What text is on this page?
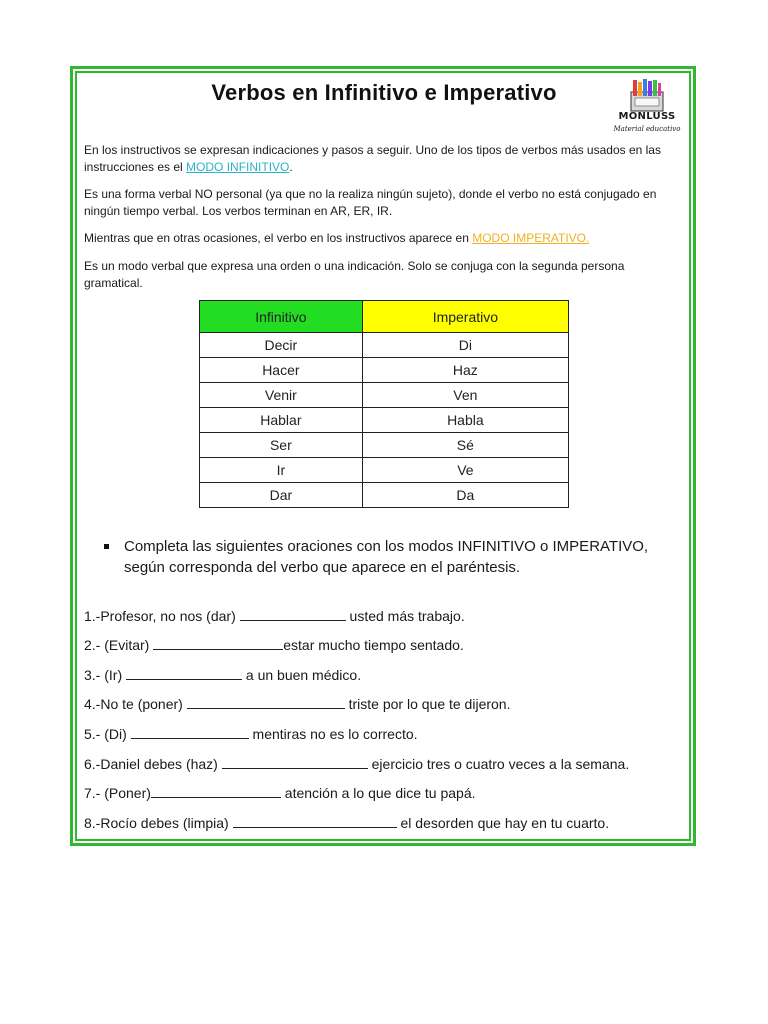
Verbos en Infinitivo e Imperativo
MONLUSS
Material educativo

En los instructivos se expresan indicaciones y pasos a seguir. Uno de los tipos de verbos más usados en las instrucciones es el MODO INFINITIVO.

Es una forma verbal NO personal (ya que no la realiza ningún sujeto), donde el verbo no está conjugado en ningún tiempo verbal. Los verbos terminan en AR, ER, IR.

Mientras que en otras ocasiones, el verbo en los instructivos aparece en MODO IMPERATIVO.

Es un modo verbal que expresa una orden o una indicación. Solo se conjuga con la segunda persona gramatical.

Infinitivo	Imperativo
Decir	Di
Hacer	Haz
Venir	Ven
Hablar	Habla
Ser	Sé
Ir	Ve
Dar	Da
Completa las siguientes oraciones con los modos INFINITIVO o IMPERATIVO, según corresponda del verbo que aparece en el paréntesis.
1.-Profesor, no nos (dar)	usted más trabajo.
2.- (Evitar)	estar mucho tiempo sentado.
3.- (Ir)	a un buen médico.
4.-No te (poner)	triste por lo que te dijeron.
5.- (Di)	mentiras no es lo correcto.
6.-Daniel debes (haz)	ejercicio tres o cuatro veces a la semana.
7.- (Poner)	atención a lo que dice tu papá.
8.-Rocío debes (limpia)	el desorden que hay en tu cuarto.
